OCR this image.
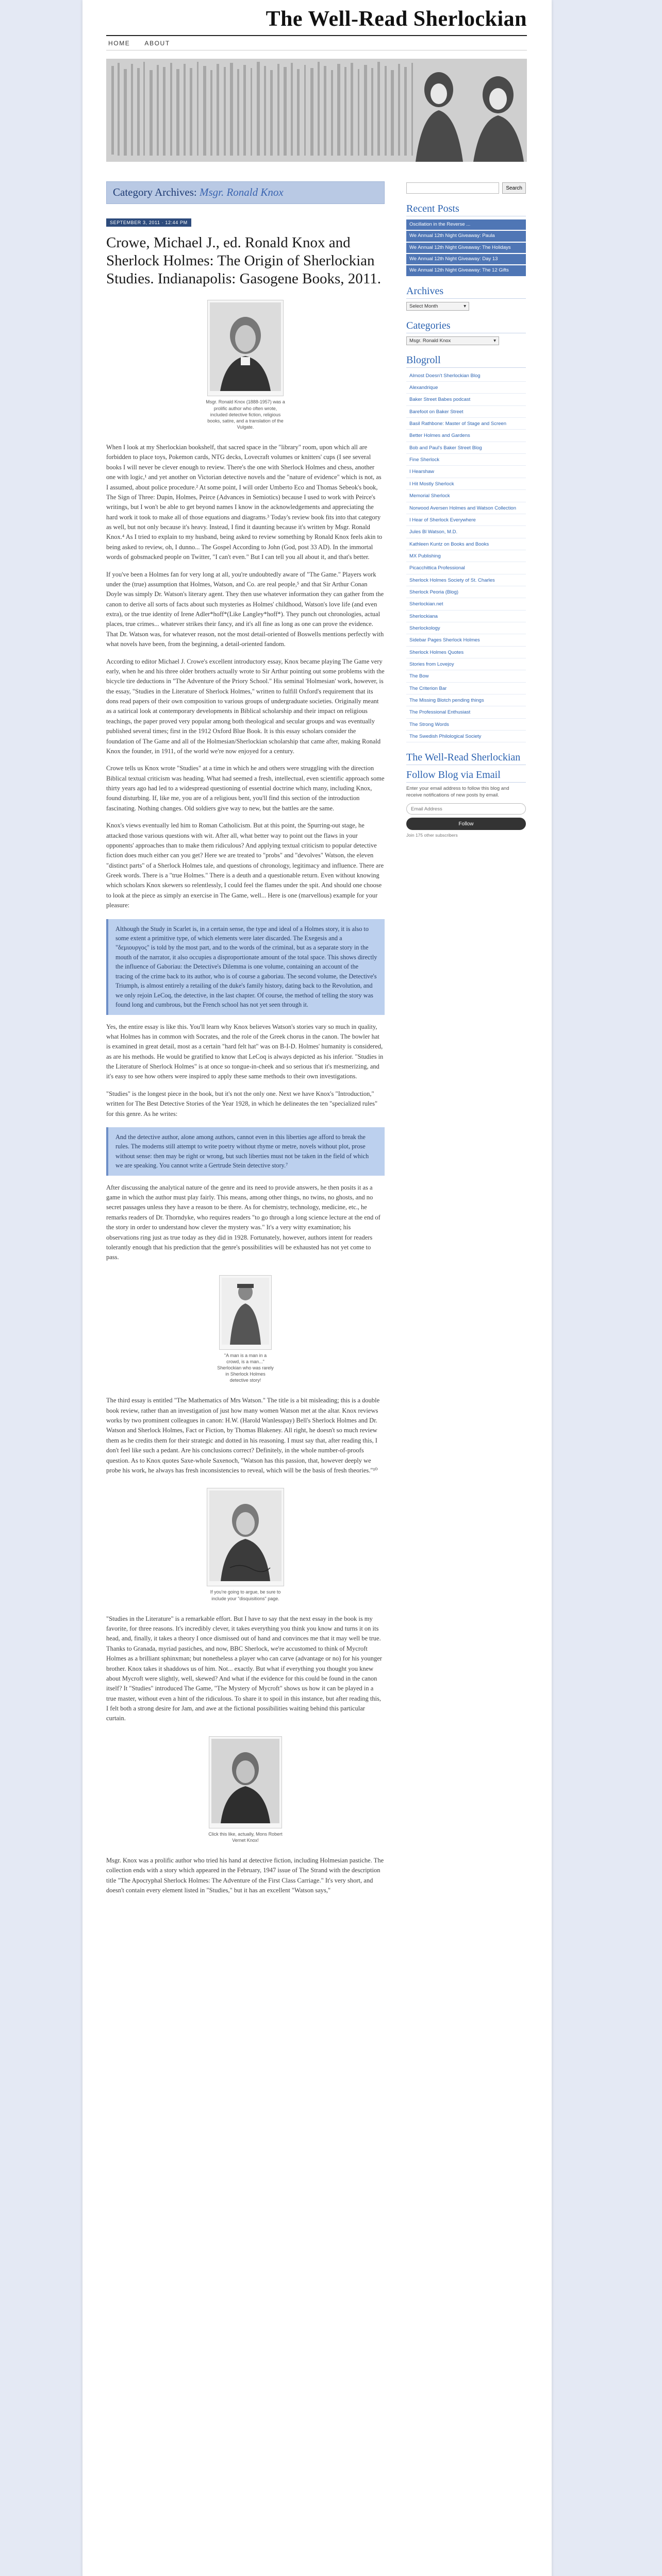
The Well-Read Sherlockian
HOME ABOUT
Category Archives: Msgr. Ronald Knox
SEPTEMBER 3, 2011 · 12:44 PM
Crowe, Michael J., ed. Ronald Knox and Sherlock Holmes: The Origin of Sherlockian Studies. Indianapolis: Gasogene Books, 2011.
Msgr. Ronald Knox (1888-1957) was a prolific author who often wrote, included detective fiction, religious books, satire, and a translation of the Vulgate.

When I look at my Sherlockian bookshelf, that sacred space in the "library" room, upon which all are forbidden to place toys, Pokemon cards, NTG decks, Lovecraft volumes or knitters' cups (I see several books I will never be clever enough to review. There's the one with Sherlock Holmes and chess, another one with logic,¹ and yet another on Victorian detective novels and the "nature of evidence" which is not, as I assumed, about police procedure.² At some point, I will order Umberto Eco and Thomas Sebeok's book, The Sign of Three: Dupin, Holmes, Peirce (Advances in Semiotics) because I used to work with Peirce's writings, but I won't be able to get beyond names I know in the acknowledgements and appreciating the hard work it took to make all of those equations and diagrams.³ Today's review book fits into that category as well, but not only because it's heavy. Instead, I find it daunting because it's written by Msgr. Ronald Knox.⁴ As I tried to explain to my husband, being asked to review something by Ronald Knox feels akin to being asked to review, oh, I dunno... The Gospel According to John (God, post 33 AD). In the immortal words of gobsmacked people on Twitter, "I can't even." But I can tell you all about it, and that's better.

If you've been a Holmes fan for very long at all, you're undoubtedly aware of "The Game." Players work under the (true) assumption that Holmes, Watson, and Co. are real people,⁵ and that Sir Arthur Conan Doyle was simply Dr. Watson's literary agent. They then use whatever information they can gather from the canon to derive all sorts of facts about such mysteries as Holmes' childhood, Watson's love life (and even extra), or the true identity of Irene Adler*hoff*(Like Langley*hoff*). They punch out chronologies, actual places, true crimes... whatever strikes their fancy, and it's all fine as long as one can prove the evidence. That Dr. Watson was, for whatever reason, not the most detail-oriented of Boswells mentions perfectly with what novels have been, from the beginning, a detail-oriented fandom.

According to editor Michael J. Crowe's excellent introductory essay, Knox became playing The Game very early, when he and his three older brothers actually wrote to Sir Arthur pointing out some problems with the bicycle tire deductions in "The Adventure of the Priory School." His seminal 'Holmesian' work, however, is the essay, "Studies in the Literature of Sherlock Holmes," written to fulfill Oxford's requirement that its dons read papers of their own composition to various groups of undergraduate societies. Originally meant as a satirical look at contemporary developments in Biblical scholarship and their impact on religious teachings, the paper proved very popular among both theological and secular groups and was eventually published several times; first in the 1912 Oxford Blue Book. It is this essay scholars consider the foundation of The Game and all of the Holmesian/Sherlockian scholarship that came after, making Ronald Knox the founder, in 1911, of the world we're now enjoyed for a century.

Crowe tells us Knox wrote "Studies" at a time in which he and others were struggling with the direction Biblical textual criticism was heading. What had seemed a fresh, intellectual, even scientific approach some thirty years ago had led to a widespread questioning of essential doctrine which many, including Knox, found disturbing. If, like me, you are of a religious bent, you'll find this section of the introduction fascinating. Nothing changes. Old soldiers give way to new, but the battles are the same.

Knox's views eventually led him to Roman Catholicism. But at this point, the Spurring-out stage, he attacked those various questions with wit. After all, what better way to point out the flaws in your opponents' approaches than to make them ridiculous? And applying textual criticism to popular detective fiction does much either can you get? Here we are treated to "probs" and "devolves" Watson, the eleven "distinct parts" of a Sherlock Holmes tale, and questions of chronology, legitimacy and influence. There are Greek words. There is a "true Holmes." There is a deuth and a questionable return. Even without knowing which scholars Knox skewers so relentlessly, I could feel the flames under the spit. And should one choose to look at the piece as simply an exercise in The Game, well... Here is one (marvellous) example for your pleasure:

Although the Study in Scarlet is, in a certain sense, the type and ideal of a Holmes story, it is also to some extent a primitive type, of which elements were later discarded. The Exegesis and a "δεμιουργος" is told by the most part, and to the words of the criminal, but as a separate story in the mouth of the narrator, it also occupies a disproportionate amount of the total space. This shows directly the influence of Gaboriau: the Detective's Dilemma is one volume, containing an account of the tracing of the crime back to its author, who is of course a gaboriau. The second volume, the Detective's Triumph, is almost entirely a retailing of the duke's family history, dating back to the Revolution, and we only rejoin LeCoq, the detective, in the last chapter. Of course, the method of telling the story was found long and cumbrous, but the French school has not yet seen through it.

Yes, the entire essay is like this. You'll learn why Knox believes Watson's stories vary so much in quality, what Holmes has in common with Socrates, and the role of the Greek chorus in the canon. The bowler hat is examined in great detail, most as a certain "hard felt hat" was on B-I-D. Holmes' humanity is considered, as are his methods. He would be gratified to know that LeCoq is always depicted as his inferior. "Studies in the Literature of Sherlock Holmes" is at once so tongue-in-cheek and so serious that it's mesmerizing, and it's easy to see how others were inspired to apply these same methods to their own investigations.

"Studies" is the longest piece in the book, but it's not the only one. Next we have Knox's "Introduction," written for The Best Detective Stories of the Year 1928, in which he delineates the ten "specialized rules" for this genre. As he writes:

And the detective author, alone among authors, cannot even in this liberties age afford to break the rules. The moderns still attempt to write poetry without rhyme or metre, novels without plot, prose without sense: then may be right or wrong, but such liberties must not be taken in the field of which we are speaking. You cannot write a Gertrude Stein detective story.⁷

After discussing the analytical nature of the genre and its need to provide answers, he then posits it as a game in which the author must play fairly. This means, among other things, no twins, no ghosts, and no secret passages unless they have a reason to be there. As for chemistry, technology, medicine, etc., he remarks readers of Dr. Thorndyke, who requires readers "to go through a long science lecture at the end of the story in order to understand how clever the mystery was." It's a very witty examination; his observations ring just as true today as they did in 1928. Fortunately, however, authors intent for readers tolerantly enough that his prediction that the genre's possibilities will be exhausted has not yet come to pass.

"A man is a man in a crowd, is a man..." Sherlockian who was rarely in Sherlock Holmes detective story!

The third essay is entitled "The Mathematics of Mrs Watson." The title is a bit misleading; this is a double book review, rather than an investigation of just how many women Watson met at the altar. Knox reviews works by two prominent colleagues in canon: H.W. (Harold Wanlesspay) Bell's Sherlock Holmes and Dr. Watson and Sherlock Holmes, Fact or Fiction, by Thomas Blakeney. All right, he doesn't so much review them as he credits them for their strategic and dotted in his reasoning. I must say that, after reading this, I don't feel like such a pedant. Are his conclusions correct? Definitely, in the whole number-of-proofs question. As to Knox quotes Saxe-whole Saxenoch, "Watson has this passion, that, however deeply we probe his work, he always has fresh inconsistencies to reveal, which will be the basis of fresh theories."¹⁰

If you're going to argue, be sure to include your "disquisitions" page.

"Studies in the Literature" is a remarkable effort. But I have to say that the next essay in the book is my favorite, for three reasons. It's incredibly clever, it takes everything you think you know and turns it on its head, and, finally, it takes a theory I once dismissed out of hand and convinces me that it may well be true. Thanks to Granada, myriad pastiches, and now, BBC Sherlock, we're accustomed to think of Mycroft Holmes as a brilliant sphinxman; but nonetheless a player who can carve (advantage or no) for his younger brother. Knox takes it shaddows us of him. Not... exactly. But what if everything you thought you knew about Mycroft were slightly, well, skewed? And what if the evidence for this could be found in the canon itself? It "Studies" introduced The Game, "The Mystery of Mycroft" shows us how it can be played in a true master, without even a hint of the ridiculous. To share it to spoil in this instance, but after reading this, I felt both a strong desire for Jam, and awe at the fictional possibilities waiting behind this particular curtain.

Click this like, actually, Mons Robert Vernet Knox!

Msgr. Knox was a prolific author who tried his hand at detective fiction, including Holmesian pastiche. The collection ends with a story which appeared in the February, 1947 issue of The Strand with the description title "The Apocryphal Sherlock Holmes: The Adventure of the First Class Carriage." It's very short, and doesn't contain every element listed in "Studies," but it has an excellent "Watson says,"

Search
Recent Posts
Oscillation in the Reverse ...
We Annual 12th Night Giveaway: Paula
We Annual 12th Night Giveaway: The Holidays
We Annual 12th Night Giveaway: Day 13
We Annual 12th Night Giveaway: The 12 Gifts
Archives
Select Month	▾
Categories
Msgr. Ronald Knox	▾
Blogroll
Almost Doesn't Sherlockian Blog
Alexandrique
Baker Street Babes podcast
Barefoot on Baker Street
Basil Rathbone: Master of Stage and Screen
Better Holmes and Gardens
Bob and Paul's Baker Street Blog
Fine Sherlock
I Hearshaw
I Hit Mostly Sherlock
Memorial Sherlock
Norwood Aversen Holmes and Watson Collection
I Hear of Sherlock Everywhere
Jules Bl Watson, M.D.
Kathleen Kuntz on Books and Books
MX Publishing
Picacchittica Professional
Sherlock Holmes Society of St. Charles
Sherlock Peoria (Blog)
Sherlockian.net
Sherlockiana
Sherlockology
Sidebar Pages Sherlock Holmes
Sherlock Holmes Quotes
Stories from Lovejoy
The Bow
The Criterion Bar
The Missing Blotch pending things
The Professional Enthusiast
The Strong Words
The Swedish Philological Society
The Well-Read Sherlockian
Follow Blog via Email
Enter your email address to follow this blog and receive notifications of new posts by email.
Email Address Follow
Join 175 other subscribers
